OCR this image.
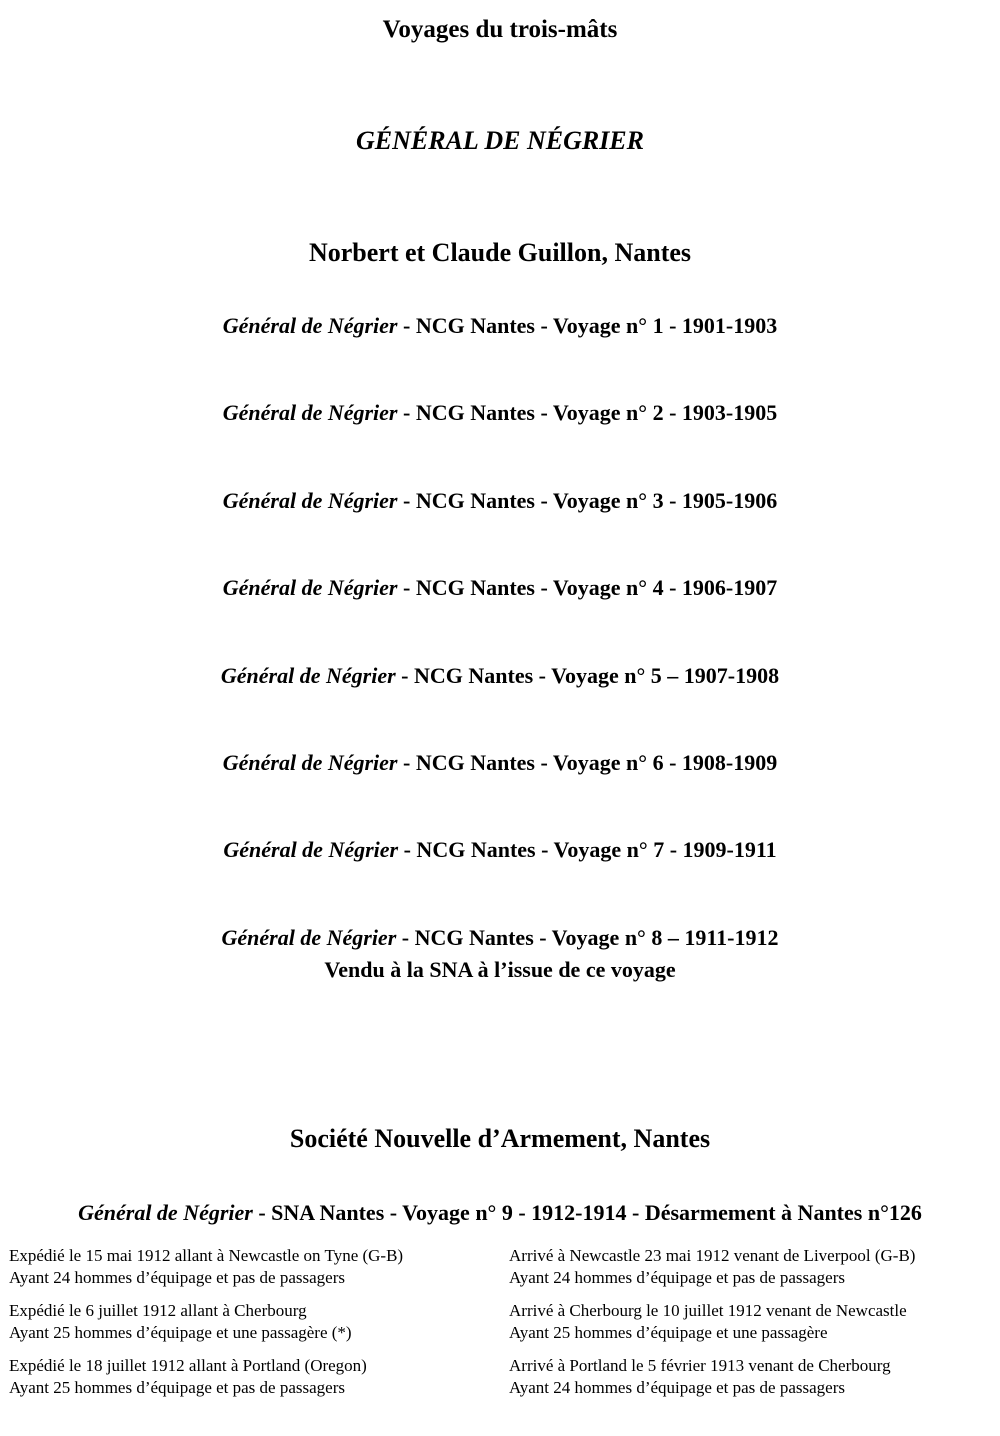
Voyages du trois-mâts
GÉNÉRAL DE NÉGRIER
Norbert et Claude Guillon, Nantes
Général de Négrier - NCG Nantes - Voyage n° 1 - 1901-1903
Général de Négrier - NCG Nantes - Voyage n° 2 - 1903-1905
Général de Négrier - NCG Nantes - Voyage n° 3 - 1905-1906
Général de Négrier - NCG Nantes - Voyage n° 4 - 1906-1907
Général de Négrier - NCG Nantes - Voyage n° 5 – 1907-1908
Général de Négrier - NCG Nantes - Voyage n° 6 - 1908-1909
Général de Négrier - NCG Nantes - Voyage n° 7 - 1909-1911
Général de Négrier - NCG Nantes - Voyage n° 8 – 1911-1912
Vendu à la SNA à l’issue de ce voyage
Société Nouvelle d’Armement, Nantes
Général de Négrier - SNA Nantes - Voyage n° 9 - 1912-1914 - Désarmement à Nantes n°126
Expédié le 15 mai 1912 allant à Newcastle on Tyne (G-B)
Ayant 24 hommes d’équipage et pas de passagers
Arrivé à Newcastle 23 mai 1912 venant de Liverpool (G-B)
Ayant 24 hommes d’équipage et pas de passagers
Expédié le 6 juillet 1912 allant à Cherbourg
Ayant 25 hommes d’équipage et une passagère (*)
Arrivé à Cherbourg le 10 juillet 1912 venant de Newcastle
Ayant 25 hommes d’équipage et une passagère
Expédié le 18 juillet 1912 allant à Portland (Oregon)
Ayant 25 hommes d’équipage et pas de passagers
Arrivé à Portland le 5 février 1913 venant de Cherbourg
Ayant 24 hommes d’équipage et pas de passagers
